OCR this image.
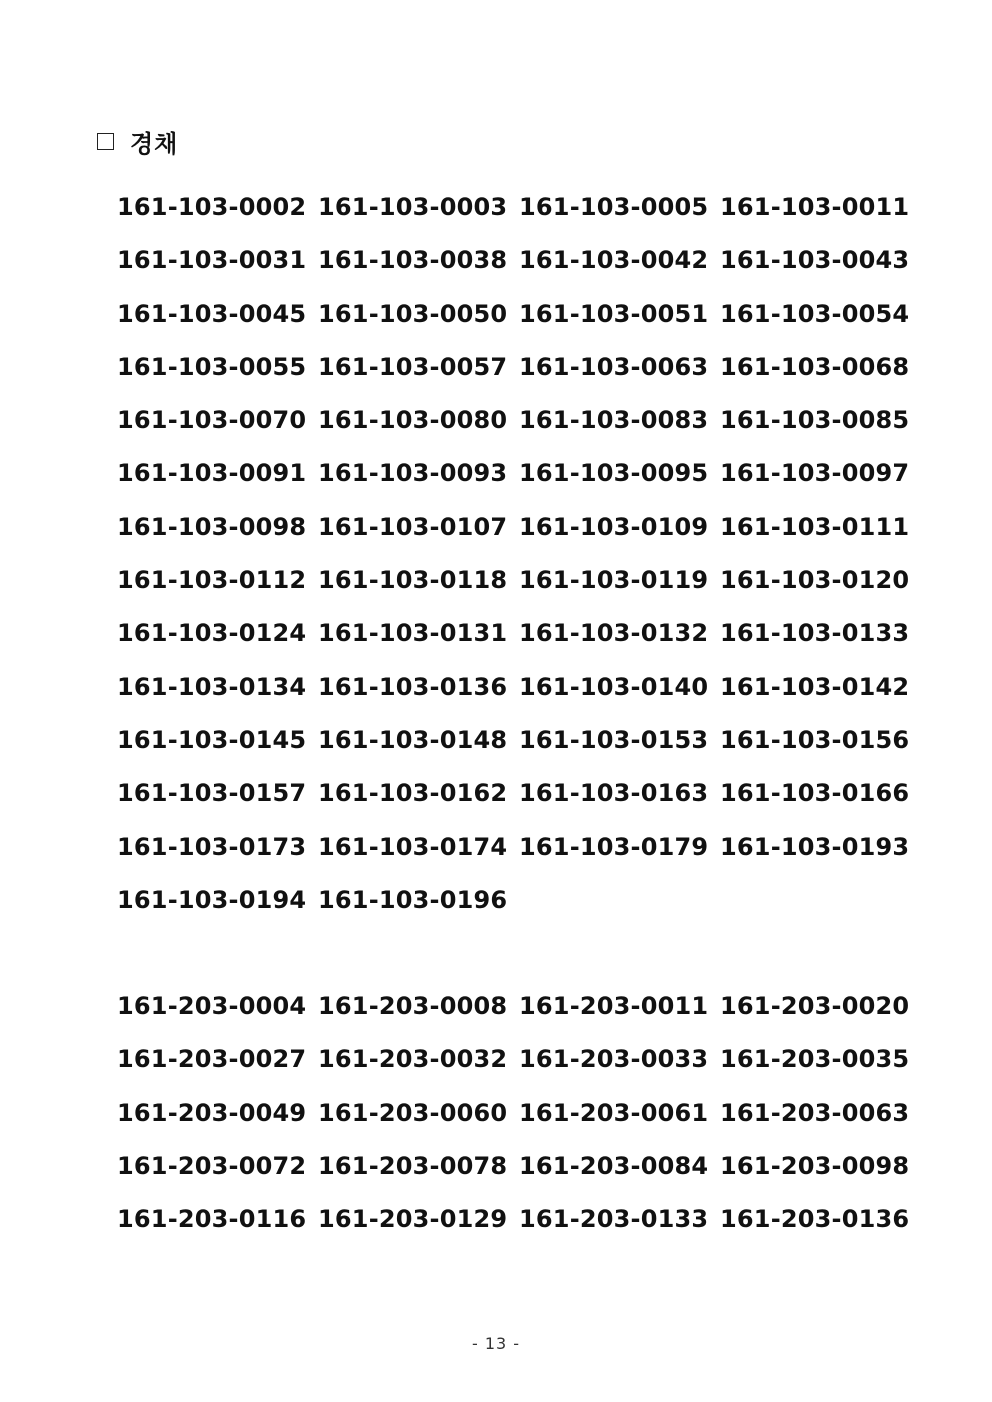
경채
161-103-0002 161-103-0003 161-103-0005 161-103-0011
161-103-0031 161-103-0038 161-103-0042 161-103-0043
161-103-0045 161-103-0050 161-103-0051 161-103-0054
161-103-0055 161-103-0057 161-103-0063 161-103-0068
161-103-0070 161-103-0080 161-103-0083 161-103-0085
161-103-0091 161-103-0093 161-103-0095 161-103-0097
161-103-0098 161-103-0107 161-103-0109 161-103-0111
161-103-0112 161-103-0118 161-103-0119 161-103-0120
161-103-0124 161-103-0131 161-103-0132 161-103-0133
161-103-0134 161-103-0136 161-103-0140 161-103-0142
161-103-0145 161-103-0148 161-103-0153 161-103-0156
161-103-0157 161-103-0162 161-103-0163 161-103-0166
161-103-0173 161-103-0174 161-103-0179 161-103-0193
161-103-0194 161-103-0196
161-203-0004 161-203-0008 161-203-0011 161-203-0020
161-203-0027 161-203-0032 161-203-0033 161-203-0035
161-203-0049 161-203-0060 161-203-0061 161-203-0063
161-203-0072 161-203-0078 161-203-0084 161-203-0098
161-203-0116 161-203-0129 161-203-0133 161-203-0136
- 13 -
